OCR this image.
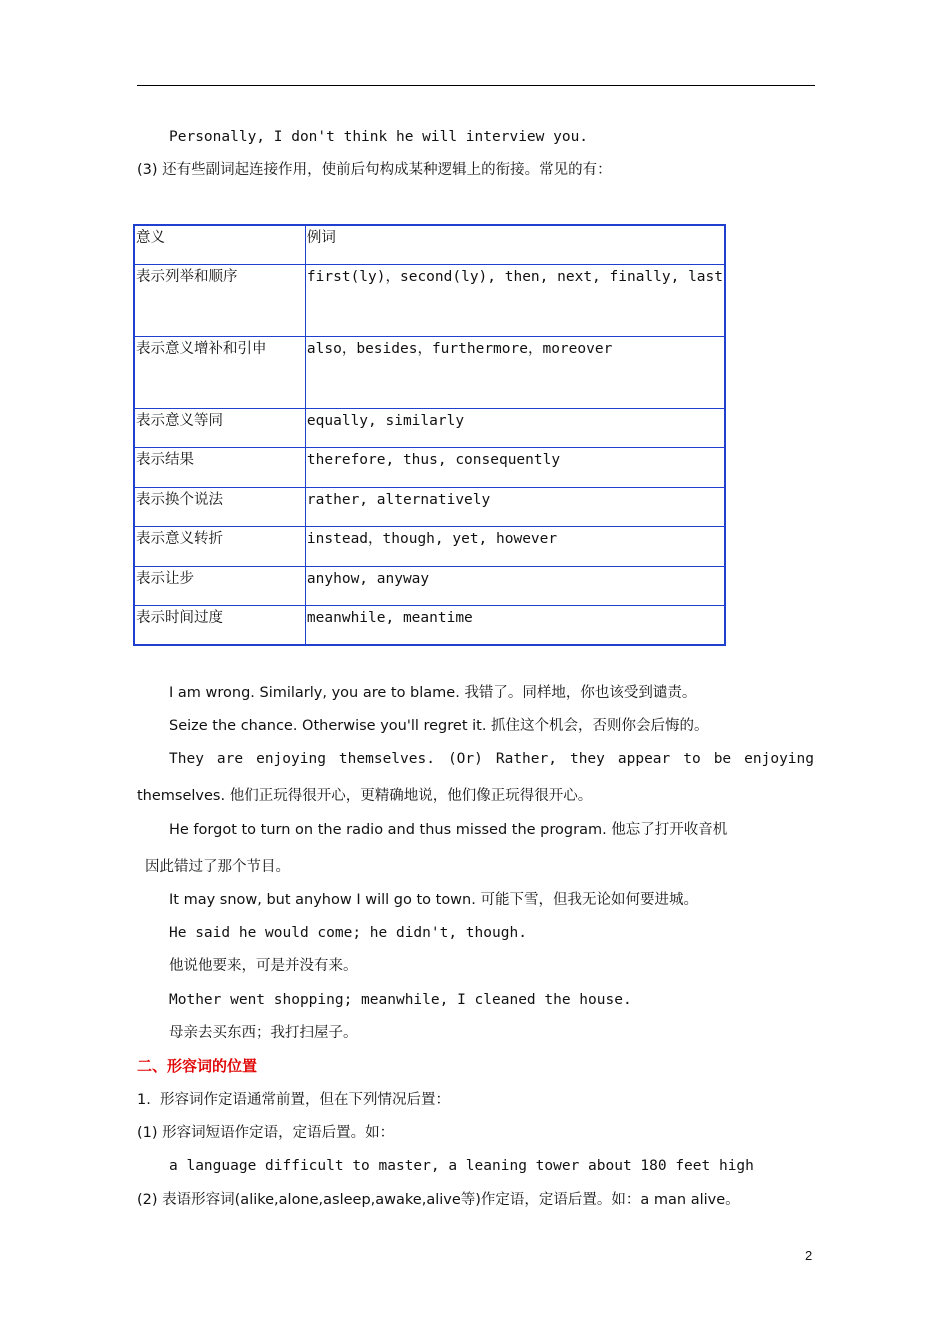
Personally, I don't think he will interview you.
(3) 还有些副词起连接作用，使前后句构成某种逻辑上的衔接。常见的有：
意义	例词
表示列举和顺序	first(ly)，second(ly), then, next, finally, last
表示意义增补和引申	also，besides，furthermore，moreover
表示意义等同	equally, similarly
表示结果	therefore, thus, consequently
表示换个说法	rather, alternatively
表示意义转折	instead，though, yet, however
表示让步	anyhow, anyway
表示时间过度	meanwhile, meantime
I am wrong. Similarly, you are to blame. 我错了。同样地，你也该受到谴责。
Seize the chance. Otherwise you'll regret it. 抓住这个机会，否则你会后悔的。
They are enjoying themselves. (Or) Rather, they appear to be enjoying
themselves. 他们正玩得很开心，更精确地说，他们像正玩得很开心。
He forgot to turn on the radio and thus missed the program. 他忘了打开收音机
因此错过了那个节目。
It may snow, but anyhow I will go to town. 可能下雪，但我无论如何要进城。
He said he would come; he didn't, though.
他说他要来，可是并没有来。
Mother went shopping; meanwhile, I cleaned the house.
母亲去买东西；我打扫屋子。
二、形容词的位置
1.  形容词作定语通常前置，但在下列情况后置：
(1) 形容词短语作定语，定语后置。如：
a language difficult to master, a leaning tower about 180 feet high
(2) 表语形容词(alike,alone,asleep,awake,alive等)作定语，定语后置。如：a man alive。
2
